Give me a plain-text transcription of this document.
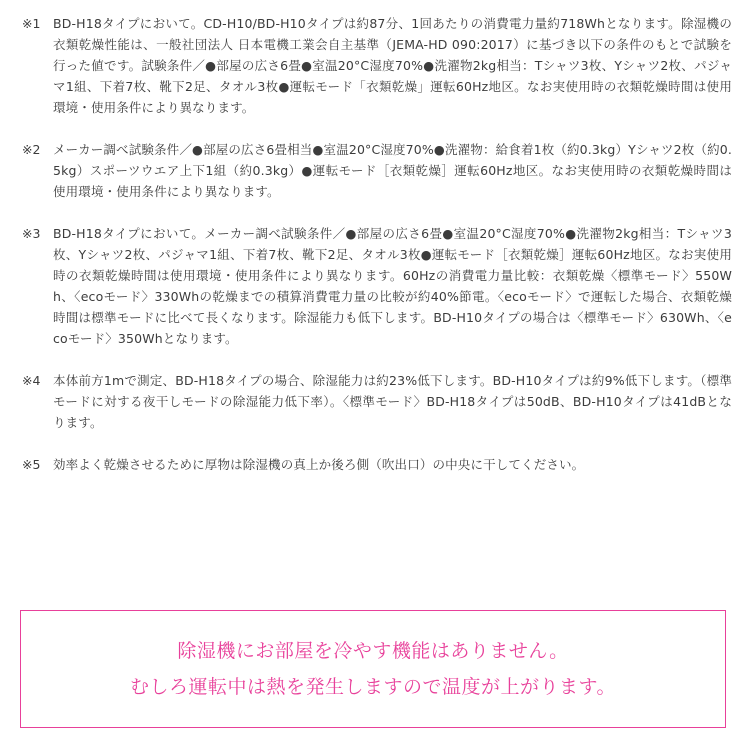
※1	BD-H18タイプにおいて。CD-H10/BD-H10タイプは約87分、1回あたりの消費電力量約718Whとなります。除湿機の衣類乾燥性能は、一般社団法人 日本電機工業会自主基準（JEMA-HD 090:2017）に基づき以下の条件のもとで試験を行った値です。試験条件／●部屋の広さ6畳●室温20°C湿度70%●洗濯物2kg相当：Tシャツ3枚、Yシャツ2枚、パジャマ1組、下着7枚、靴下2足、タオル3枚●運転モード「衣類乾燥」運転60Hz地区。なお実使用時の衣類乾燥時間は使用環境・使用条件により異なります。
※2	メーカー調べ試験条件／●部屋の広さ6畳相当●室温20°C湿度70%●洗濯物：給食着1枚（約0.3kg）Yシャツ2枚（約0.5kg）スポーツウエア上下1組（約0.3kg）●運転モード［衣類乾燥］運転60Hz地区。なお実使用時の衣類乾燥時間は使用環境・使用条件により異なります。
※3	BD-H18タイプにおいて。メーカー調べ試験条件／●部屋の広さ6畳●室温20°C湿度70%●洗濯物2kg相当：Tシャツ3枚、Yシャツ2枚、パジャマ1組、下着7枚、靴下2足、タオル3枚●運転モード［衣類乾燥］運転60Hz地区。なお実使用時の衣類乾燥時間は使用環境・使用条件により異なります。60Hzの消費電力量比較：衣類乾燥〈標準モード〉550Wh、〈ecoモード〉330Whの乾燥までの積算消費電力量の比較が約40%節電。〈ecoモード〉で運転した場合、衣類乾燥時間は標準モードに比べて長くなります。除湿能力も低下します。BD-H10タイプの場合は〈標準モード〉630Wh、〈ecoモード〉350Whとなります。
※4	本体前方1mで測定、BD-H18タイプの場合、除湿能力は約23%低下します。BD-H10タイプは約9%低下します。（標準モードに対する夜干しモードの除湿能力低下率）。〈標準モード〉BD-H18タイプは50dB、BD-H10タイプは41dBとなります。
※5	効率よく乾燥させるために厚物は除湿機の真上か後ろ側（吹出口）の中央に干してください。
除湿機にお部屋を冷やす機能はありません。
むしろ運転中は熱を発生しますので温度が上がります。
